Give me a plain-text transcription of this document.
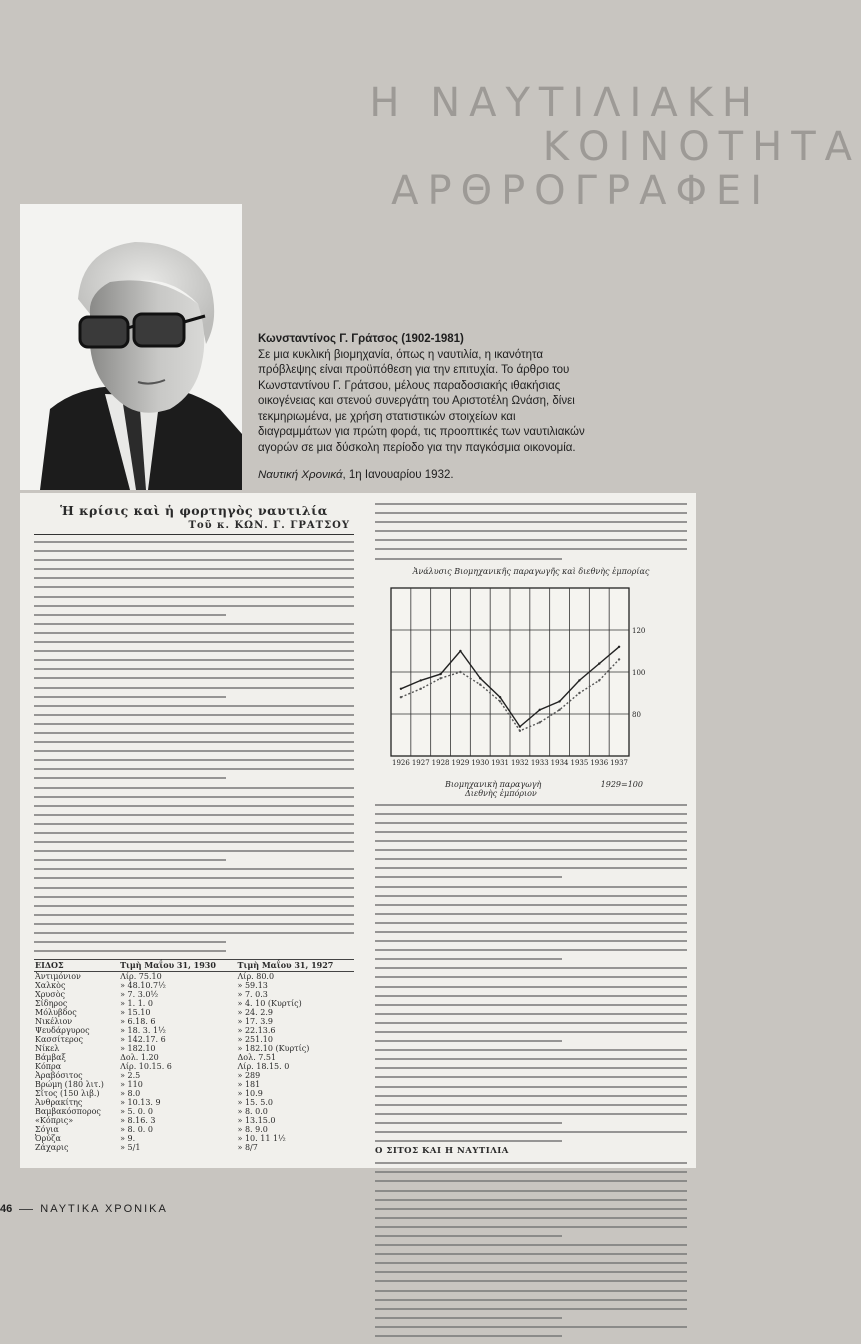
Η ΝΑΥΤΙΛΙΑΚΗ
ΚΟΙΝΟΤΗΤΑ
ΑΡΘΡΟΓΡΑΦΕΙ
Κωνσταντίνος Γ. Γράτσος (1902-1981)
Σε μια κυκλική βιομηχανία, όπως η ναυτιλία, η ικανότητα πρόβλεψης είναι προϋπόθεση για την επιτυχία. Το άρθρο του Κωνσταντίνου Γ. Γράτσου, μέλους παραδοσιακής ιθακήσιας οικογένειας και στενού συνεργάτη του Αριστοτέλη Ωνάση, δίνει τεκμηριωμένα, με χρήση στατιστικών στοιχείων και διαγραμμάτων για πρώτη φορά, τις προοπτικές των ναυτιλιακών αγορών σε μια δύσκολη περίοδο για την παγκόσμια οικονομία.
Ναυτική Χρονικά, 1η Ιανουαρίου 1932.
Ἡ κρίσις καὶ ἡ φορτηγὸς ναυτιλία
Τοῦ κ. ΚΩΝ. Γ. ΓΡΑΤΣΟΥ
ΕΙΔΟΣ	Τιμὴ Μαΐου 31, 1930	Τιμὴ Μαΐου 31, 1927
Ἀντιμόνιον	Λίρ. 75.10	Λίρ. 80.0
Χαλκὸς	» 48.10.7½	» 59.13
Χρυσὸς	» 7. 3.0½	» 7. 0.3
Σίδηρος	» 1. 1. 0	» 4. 10 (Κυρτίς)
Μόλυβδος	» 15.10	» 24. 2.9
Νικέλιον	» 6.18. 6	» 17. 3.9
Ψευδάργυρος	» 18. 3. 1½	» 22.13.6
Κασσίτερος	» 142.17. 6	» 251.10
Νίκελ	» 182.10	» 182.10 (Κυρτίς)
Βάμβαξ	Δολ. 1.20	Δολ. 7.51
Κόπρα	Λίρ. 10.15. 6	Λίρ. 18.15. 0
Ἀραβόσιτος	» 2.5	» 289
Βρώμη (180 λιτ.)	» 110	» 181
Σῖτος (150 λιβ.)	» 8.0	» 10.9
Ἀνθρακίτης	» 10.13. 9	» 15. 5.0
Βαμβακόσπορος	» 5. 0. 0	» 8. 0.0
«Κόπρις»	» 8.16. 3	» 13.15.0
Σόγια	» 8. 0. 0	» 8. 9.0
Ὀρύζα	» 9.	» 10. 11 1½
Ζάχαρις	» 5/1	» 8/7
Ἀνάλυσις Βιομηχανικῆς παραγωγῆς καὶ διεθνὴς ἐμπορίας
80
100
120
1926 1927 1928 1929 1930 1931 1932 1933 1934 1935 1936 1937
Βιομηχανικὴ παραγωγὴ	1929=100
Διεθνὴς ἐμπόριον
Ο ΣΙΤΟΣ ΚΑΙ Η ΝΑΥΤΙΛΙΑ
46	ΝΑΥΤΙΚΑ ΧΡΟΝΙΚΑ
